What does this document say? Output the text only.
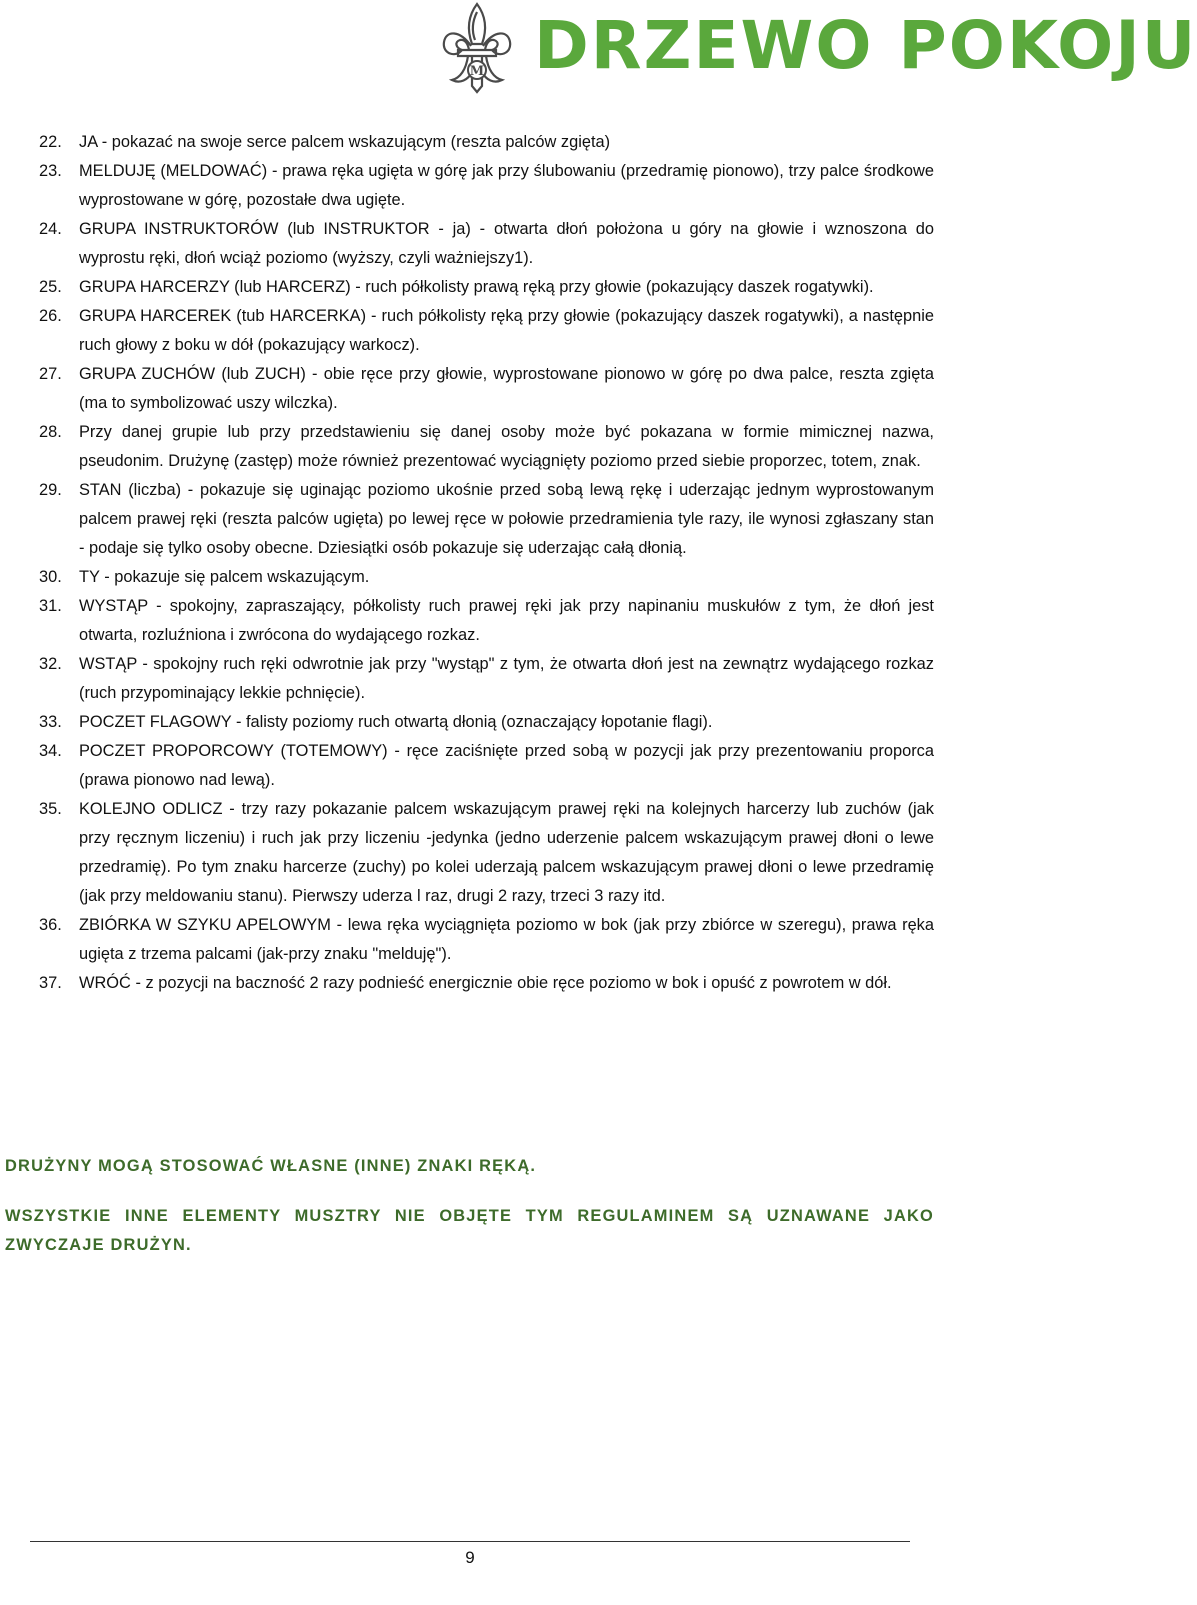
M DRZEWO POKOJU
22. JA - pokazać na swoje serce palcem wskazującym (reszta palców zgięta)
23. MELDUJĘ (MELDOWAĆ) - prawa ręka ugięta w górę jak przy ślubowaniu (przedramię pionowo), trzy palce środkowe wyprostowane w górę, pozostałe dwa ugięte.
24. GRUPA INSTRUKTORÓW (lub INSTRUKTOR - ja) - otwarta dłoń położona u góry na głowie i wznoszona do wyprostu ręki, dłoń wciąż poziomo (wyższy, czyli ważniejszy1).
25. GRUPA HARCERZY (lub HARCERZ) - ruch półkolisty prawą ręką przy głowie (pokazujący daszek rogatywki).
26. GRUPA HARCEREK (tub HARCERKA) - ruch półkolisty ręką przy głowie (pokazujący daszek rogatywki), a następnie ruch głowy z boku w dół (pokazujący warkocz).
27. GRUPA ZUCHÓW (lub ZUCH) - obie ręce przy głowie, wyprostowane pionowo w górę po dwa palce, reszta zgięta (ma to symbolizować uszy wilczka).
28. Przy danej grupie lub przy przedstawieniu się danej osoby może być pokazana w formie mimicznej nazwa, pseudonim. Drużynę (zastęp) może również prezentować wyciągnięty poziomo przed siebie proporzec, totem, znak.
29. STAN (liczba) - pokazuje się uginając poziomo ukośnie przed sobą lewą rękę i uderzając jednym wyprostowanym palcem prawej ręki (reszta palców ugięta) po lewej ręce w połowie przedramienia tyle razy, ile wynosi zgłaszany stan - podaje się tylko osoby obecne. Dziesiątki osób pokazuje się uderzając całą dłonią.
30. TY - pokazuje się palcem wskazującym.
31. WYSTĄP - spokojny, zapraszający, półkolisty ruch prawej ręki jak przy napinaniu muskułów z tym, że dłoń jest otwarta, rozluźniona i zwrócona do wydającego rozkaz.
32. WSTĄP - spokojny ruch ręki odwrotnie jak przy "wystąp" z tym, że otwarta dłoń jest na zewnątrz wydającego rozkaz (ruch przypominający lekkie pchnięcie).
33. POCZET FLAGOWY - falisty poziomy ruch otwartą dłonią (oznaczający łopotanie flagi).
34. POCZET PROPORCOWY (TOTEMOWY) - ręce zaciśnięte przed sobą w pozycji jak przy prezentowaniu proporca (prawa pionowo nad lewą).
35. KOLEJNO ODLICZ - trzy razy pokazanie palcem wskazującym prawej ręki na kolejnych harcerzy lub zuchów (jak przy ręcznym liczeniu) i ruch jak przy liczeniu -jedynka (jedno uderzenie palcem wskazującym prawej dłoni o lewe przedramię). Po tym znaku harcerze (zuchy) po kolei uderzają palcem wskazującym prawej dłoni o lewe przedramię (jak przy meldowaniu stanu). Pierwszy uderza l raz, drugi 2 razy, trzeci 3 razy itd.
36. ZBIÓRKA W SZYKU APELOWYM - lewa ręka wyciągnięta poziomo w bok (jak przy zbiórce w szeregu), prawa ręka ugięta z trzema palcami (jak-przy znaku "melduję").
37. WRÓĆ - z pozycji na baczność 2 razy podnieść energicznie obie ręce poziomo w bok i opuść z powrotem w dół.
DRUŻYNY MOGĄ STOSOWAĆ WŁASNE (INNE) ZNAKI RĘKĄ.
WSZYSTKIE INNE ELEMENTY MUSZTRY NIE OBJĘTE TYM REGULAMINEM SĄ UZNAWANE JAKO ZWYCZAJE DRUŻYN.
9
